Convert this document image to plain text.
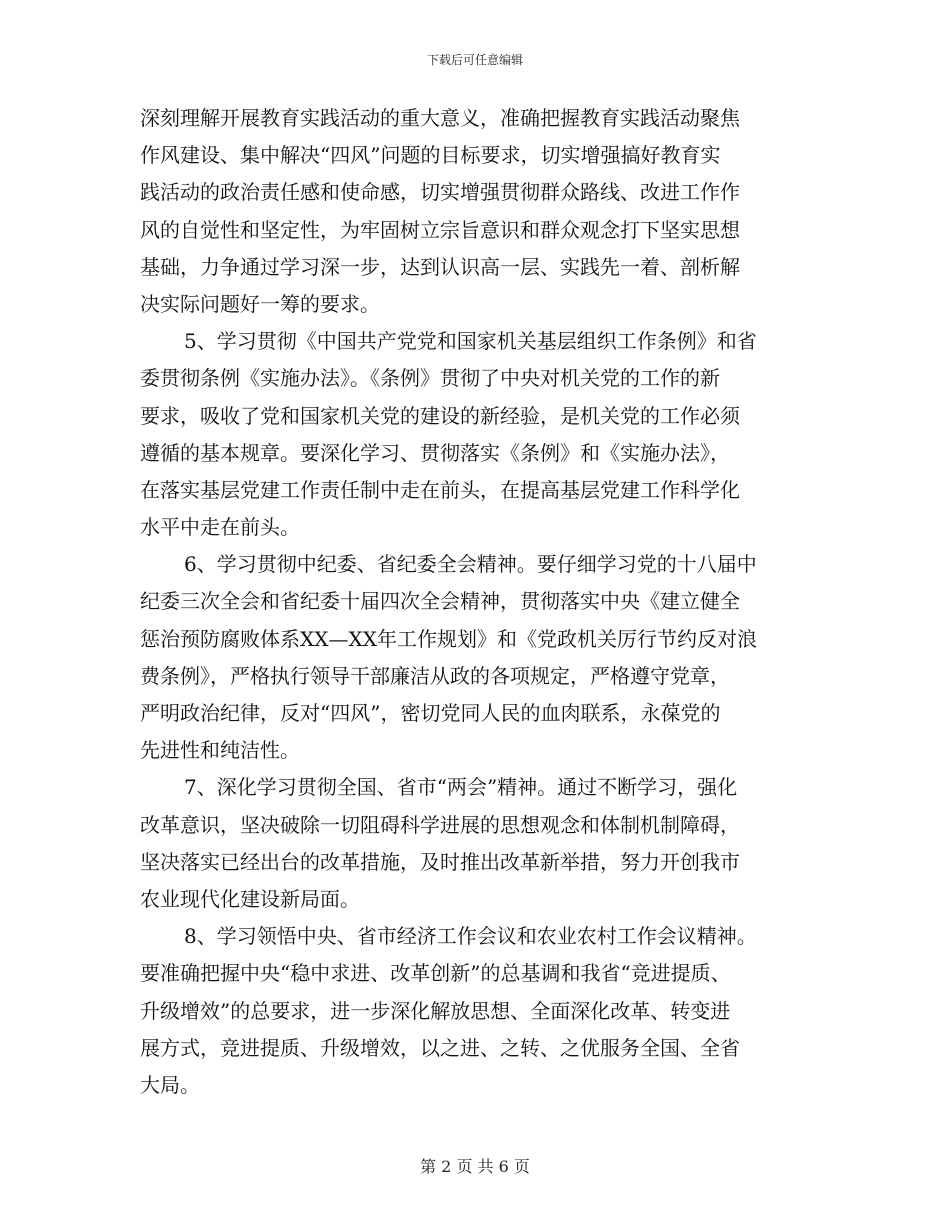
下载后可任意编辑
深刻理解开展教育实践活动的重大意义，准确把握教育实践活动聚焦
作风建设、集中解决“四风”问题的目标要求，切实增强搞好教育实
践活动的政治责任感和使命感，切实增强贯彻群众路线、改进工作作
风的自觉性和坚定性，为牢固树立宗旨意识和群众观念打下坚实思想
基础，力争通过学习深一步，达到认识高一层、实践先一着、剖析解
决实际问题好一筹的要求。
5、学习贯彻《中国共产党党和国家机关基层组织工作条例》和省
委贯彻条例《实施办法》。《条例》贯彻了中央对机关党的工作的新
要求，吸收了党和国家机关党的建设的新经验，是机关党的工作必须
遵循的基本规章。要深化学习、贯彻落实《条例》和《实施办法》，
在落实基层党建工作责任制中走在前头，在提高基层党建工作科学化
水平中走在前头。
6、学习贯彻中纪委、省纪委全会精神。要仔细学习党的十八届中
纪委三次全会和省纪委十届四次全会精神，贯彻落实中央《建立健全
惩治预防腐败体系XX—XX年工作规划》和《党政机关厉行节约反对浪
费条例》，严格执行领导干部廉洁从政的各项规定，严格遵守党章，
严明政治纪律，反对“四风”，密切党同人民的血肉联系，永葆党的
先进性和纯洁性。
7、深化学习贯彻全国、省市“两会”精神。通过不断学习，强化
改革意识，坚决破除一切阻碍科学进展的思想观念和体制机制障碍，
坚决落实已经出台的改革措施，及时推出改革新举措，努力开创我市
农业现代化建设新局面。
8、学习领悟中央、省市经济工作会议和农业农村工作会议精神。
要准确把握中央“稳中求进、改革创新”的总基调和我省“竞进提质、
升级增效”的总要求，进一步深化解放思想、全面深化改革、转变进
展方式，竞进提质、升级增效，以之进、之转、之优服务全国、全省
大局。
第 2 页 共 6 页
